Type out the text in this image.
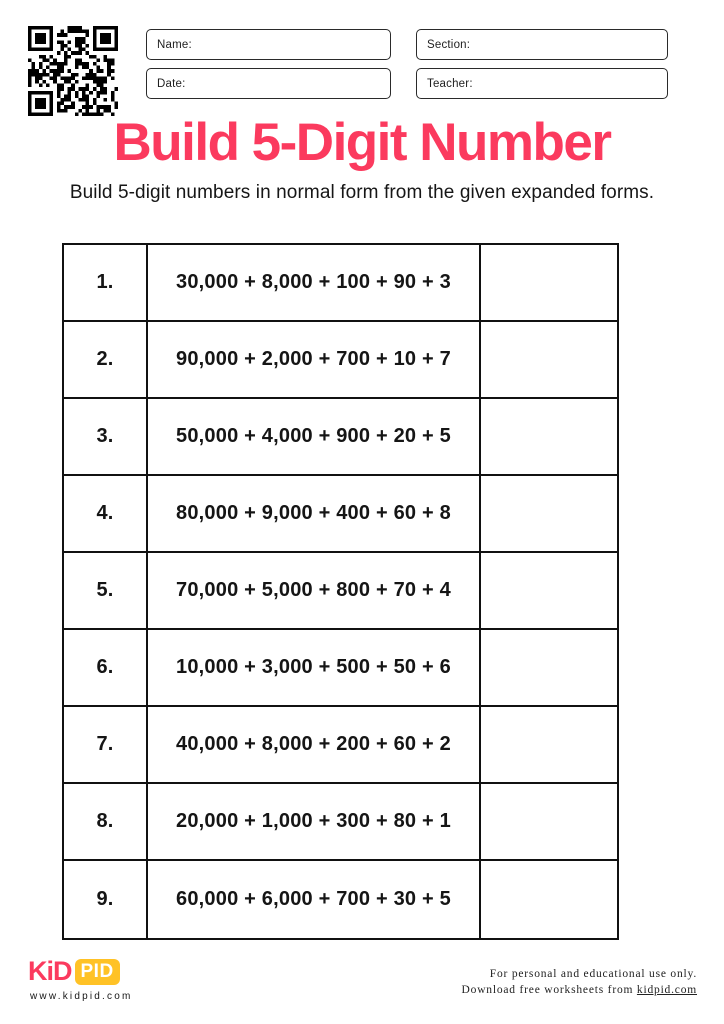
Name:	Section:
Date:	Teacher:
Build 5-Digit Number

Build 5-digit numbers in normal form from the given expanded forms.

1.	30,000 + 8,000 + 100 + 90 + 3
2.	90,000 + 2,000 + 700 + 10 + 7
3.	50,000 + 4,000 + 900 + 20 + 5
4.	80,000 + 9,000 + 400 + 60 + 8
5.	70,000 + 5,000 + 800 + 70 + 4
6.	10,000 + 3,000 + 500 + 50 + 6
7.	40,000 + 8,000 + 200 + 60 + 2
8.	20,000 + 1,000 + 300 + 80 + 1
9.	60,000 + 6,000 + 700 + 30 + 5
KiD PID
www.kidpid.com
For personal and educational use only.
Download free worksheets from kidpid.com
